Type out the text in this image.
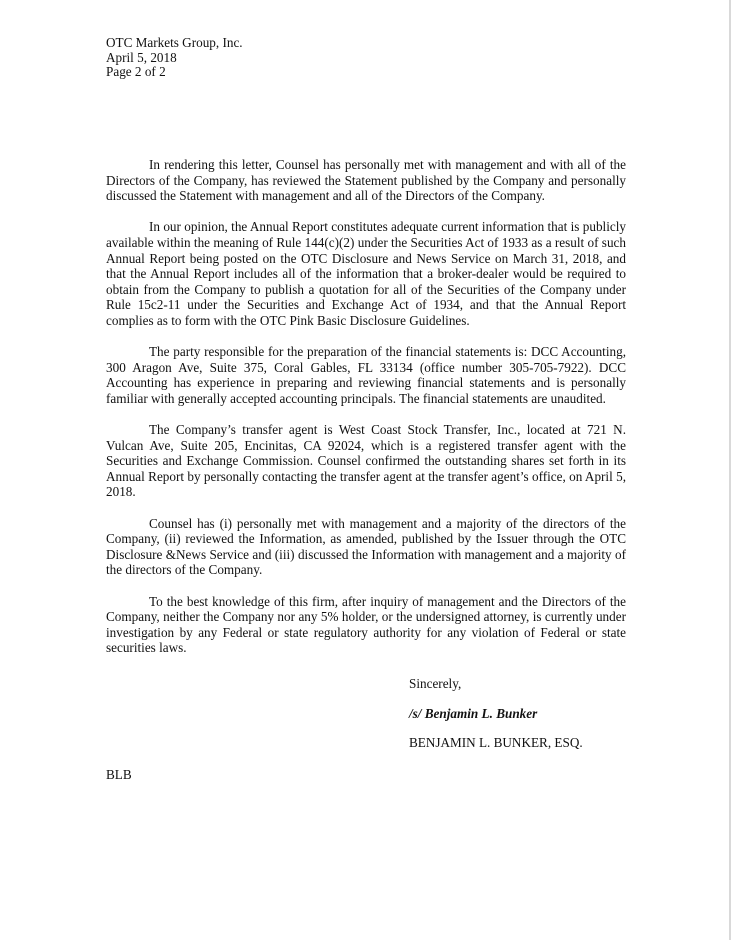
OTC Markets Group, Inc.
April 5, 2018
Page 2 of 2

In rendering this letter, Counsel has personally met with management and with all of the Directors of the Company, has reviewed the Statement published by the Company and personally discussed the Statement with management and all of the Directors of the Company.

In our opinion, the Annual Report constitutes adequate current information that is publicly available within the meaning of Rule 144(c)(2) under the Securities Act of 1933 as a result of such Annual Report being posted on the OTC Disclosure and News Service on March 31, 2018, and that the Annual Report includes all of the information that a broker-dealer would be required to obtain from the Company to publish a quotation for all of the Securities of the Company under Rule 15c2-11 under the Securities and Exchange Act of 1934, and that the Annual Report complies as to form with the OTC Pink Basic Disclosure Guidelines.

The party responsible for the preparation of the financial statements is: DCC Accounting, 300 Aragon Ave, Suite 375, Coral Gables, FL 33134 (office number 305-705-7922). DCC Accounting has experience in preparing and reviewing financial statements and is personally familiar with generally accepted accounting principals. The financial statements are unaudited.

The Company’s transfer agent is West Coast Stock Transfer, Inc., located at 721 N. Vulcan Ave, Suite 205, Encinitas, CA 92024, which is a registered transfer agent with the Securities and Exchange Commission. Counsel confirmed the outstanding shares set forth in its Annual Report by personally contacting the transfer agent at the transfer agent’s office, on April 5, 2018.

Counsel has (i) personally met with management and a majority of the directors of the Company, (ii) reviewed the Information, as amended, published by the Issuer through the OTC Disclosure &News Service and (iii) discussed the Information with management and a majority of the directors of the Company.

To the best knowledge of this firm, after inquiry of management and the Directors of the Company, neither the Company nor any 5% holder, or the undersigned attorney, is currently under investigation by any Federal or state regulatory authority for any violation of Federal or state securities laws.

Sincerely,
/s/ Benjamin L. Bunker
BENJAMIN L. BUNKER, ESQ.
BLB
